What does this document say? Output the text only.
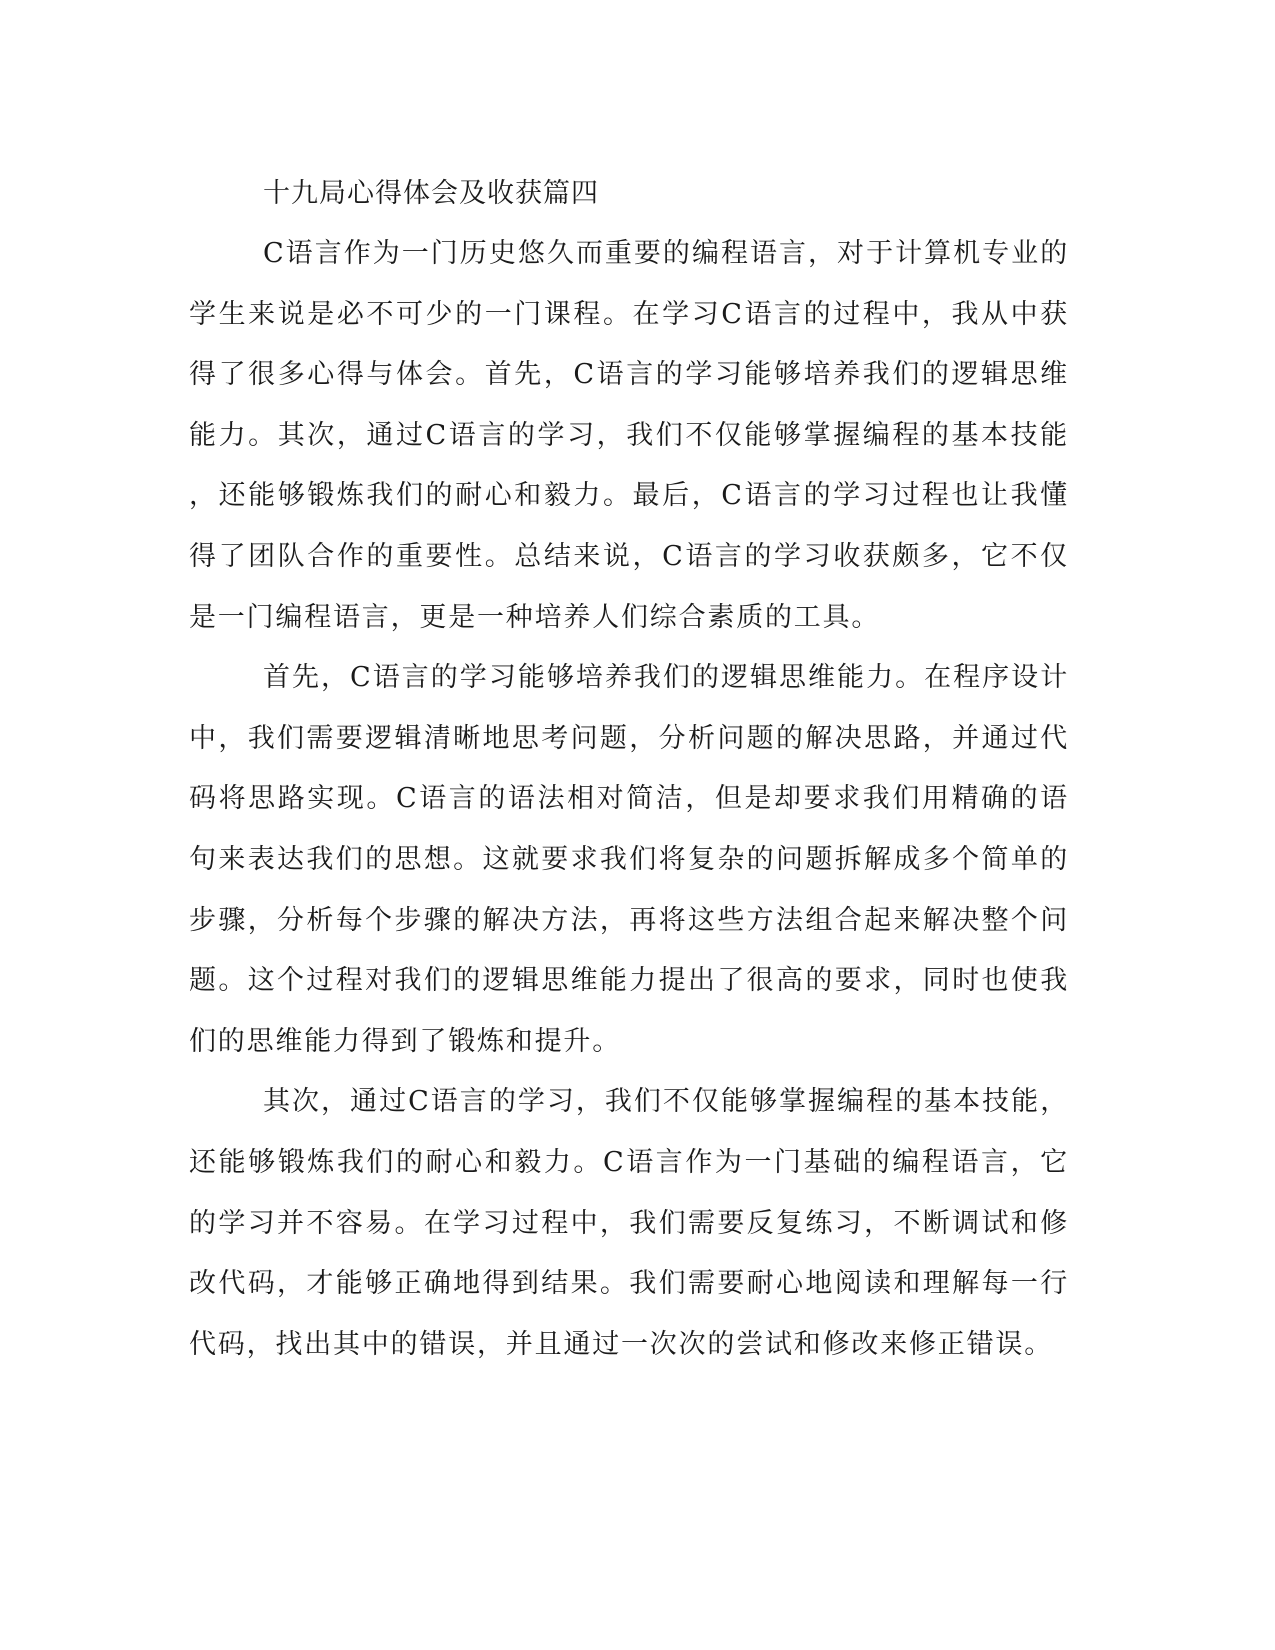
十九局心得体会及收获篇四

C语言作为一门历史悠久而重要的编程语言，对于计算机专业的学生来说是必不可少的一门课程。在学习C语言的过程中，我从中获得了很多心得与体会。首先，C语言的学习能够培养我们的逻辑思维能力。其次，通过C语言的学习，我们不仅能够掌握编程的基本技能，还能够锻炼我们的耐心和毅力。最后，C语言的学习过程也让我懂得了团队合作的重要性。总结来说，C语言的学习收获颇多，它不仅是一门编程语言，更是一种培养人们综合素质的工具。

首先，C语言的学习能够培养我们的逻辑思维能力。在程序设计中，我们需要逻辑清晰地思考问题，分析问题的解决思路，并通过代码将思路实现。C语言的语法相对简洁，但是却要求我们用精确的语句来表达我们的思想。这就要求我们将复杂的问题拆解成多个简单的步骤，分析每个步骤的解决方法，再将这些方法组合起来解决整个问题。这个过程对我们的逻辑思维能力提出了很高的要求，同时也使我们的思维能力得到了锻炼和提升。

其次，通过C语言的学习，我们不仅能够掌握编程的基本技能，还能够锻炼我们的耐心和毅力。C语言作为一门基础的编程语言，它的学习并不容易。在学习过程中，我们需要反复练习，不断调试和修改代码，才能够正确地得到结果。我们需要耐心地阅读和理解每一行代码，找出其中的错误，并且通过一次次的尝试和修改来修正错误。
